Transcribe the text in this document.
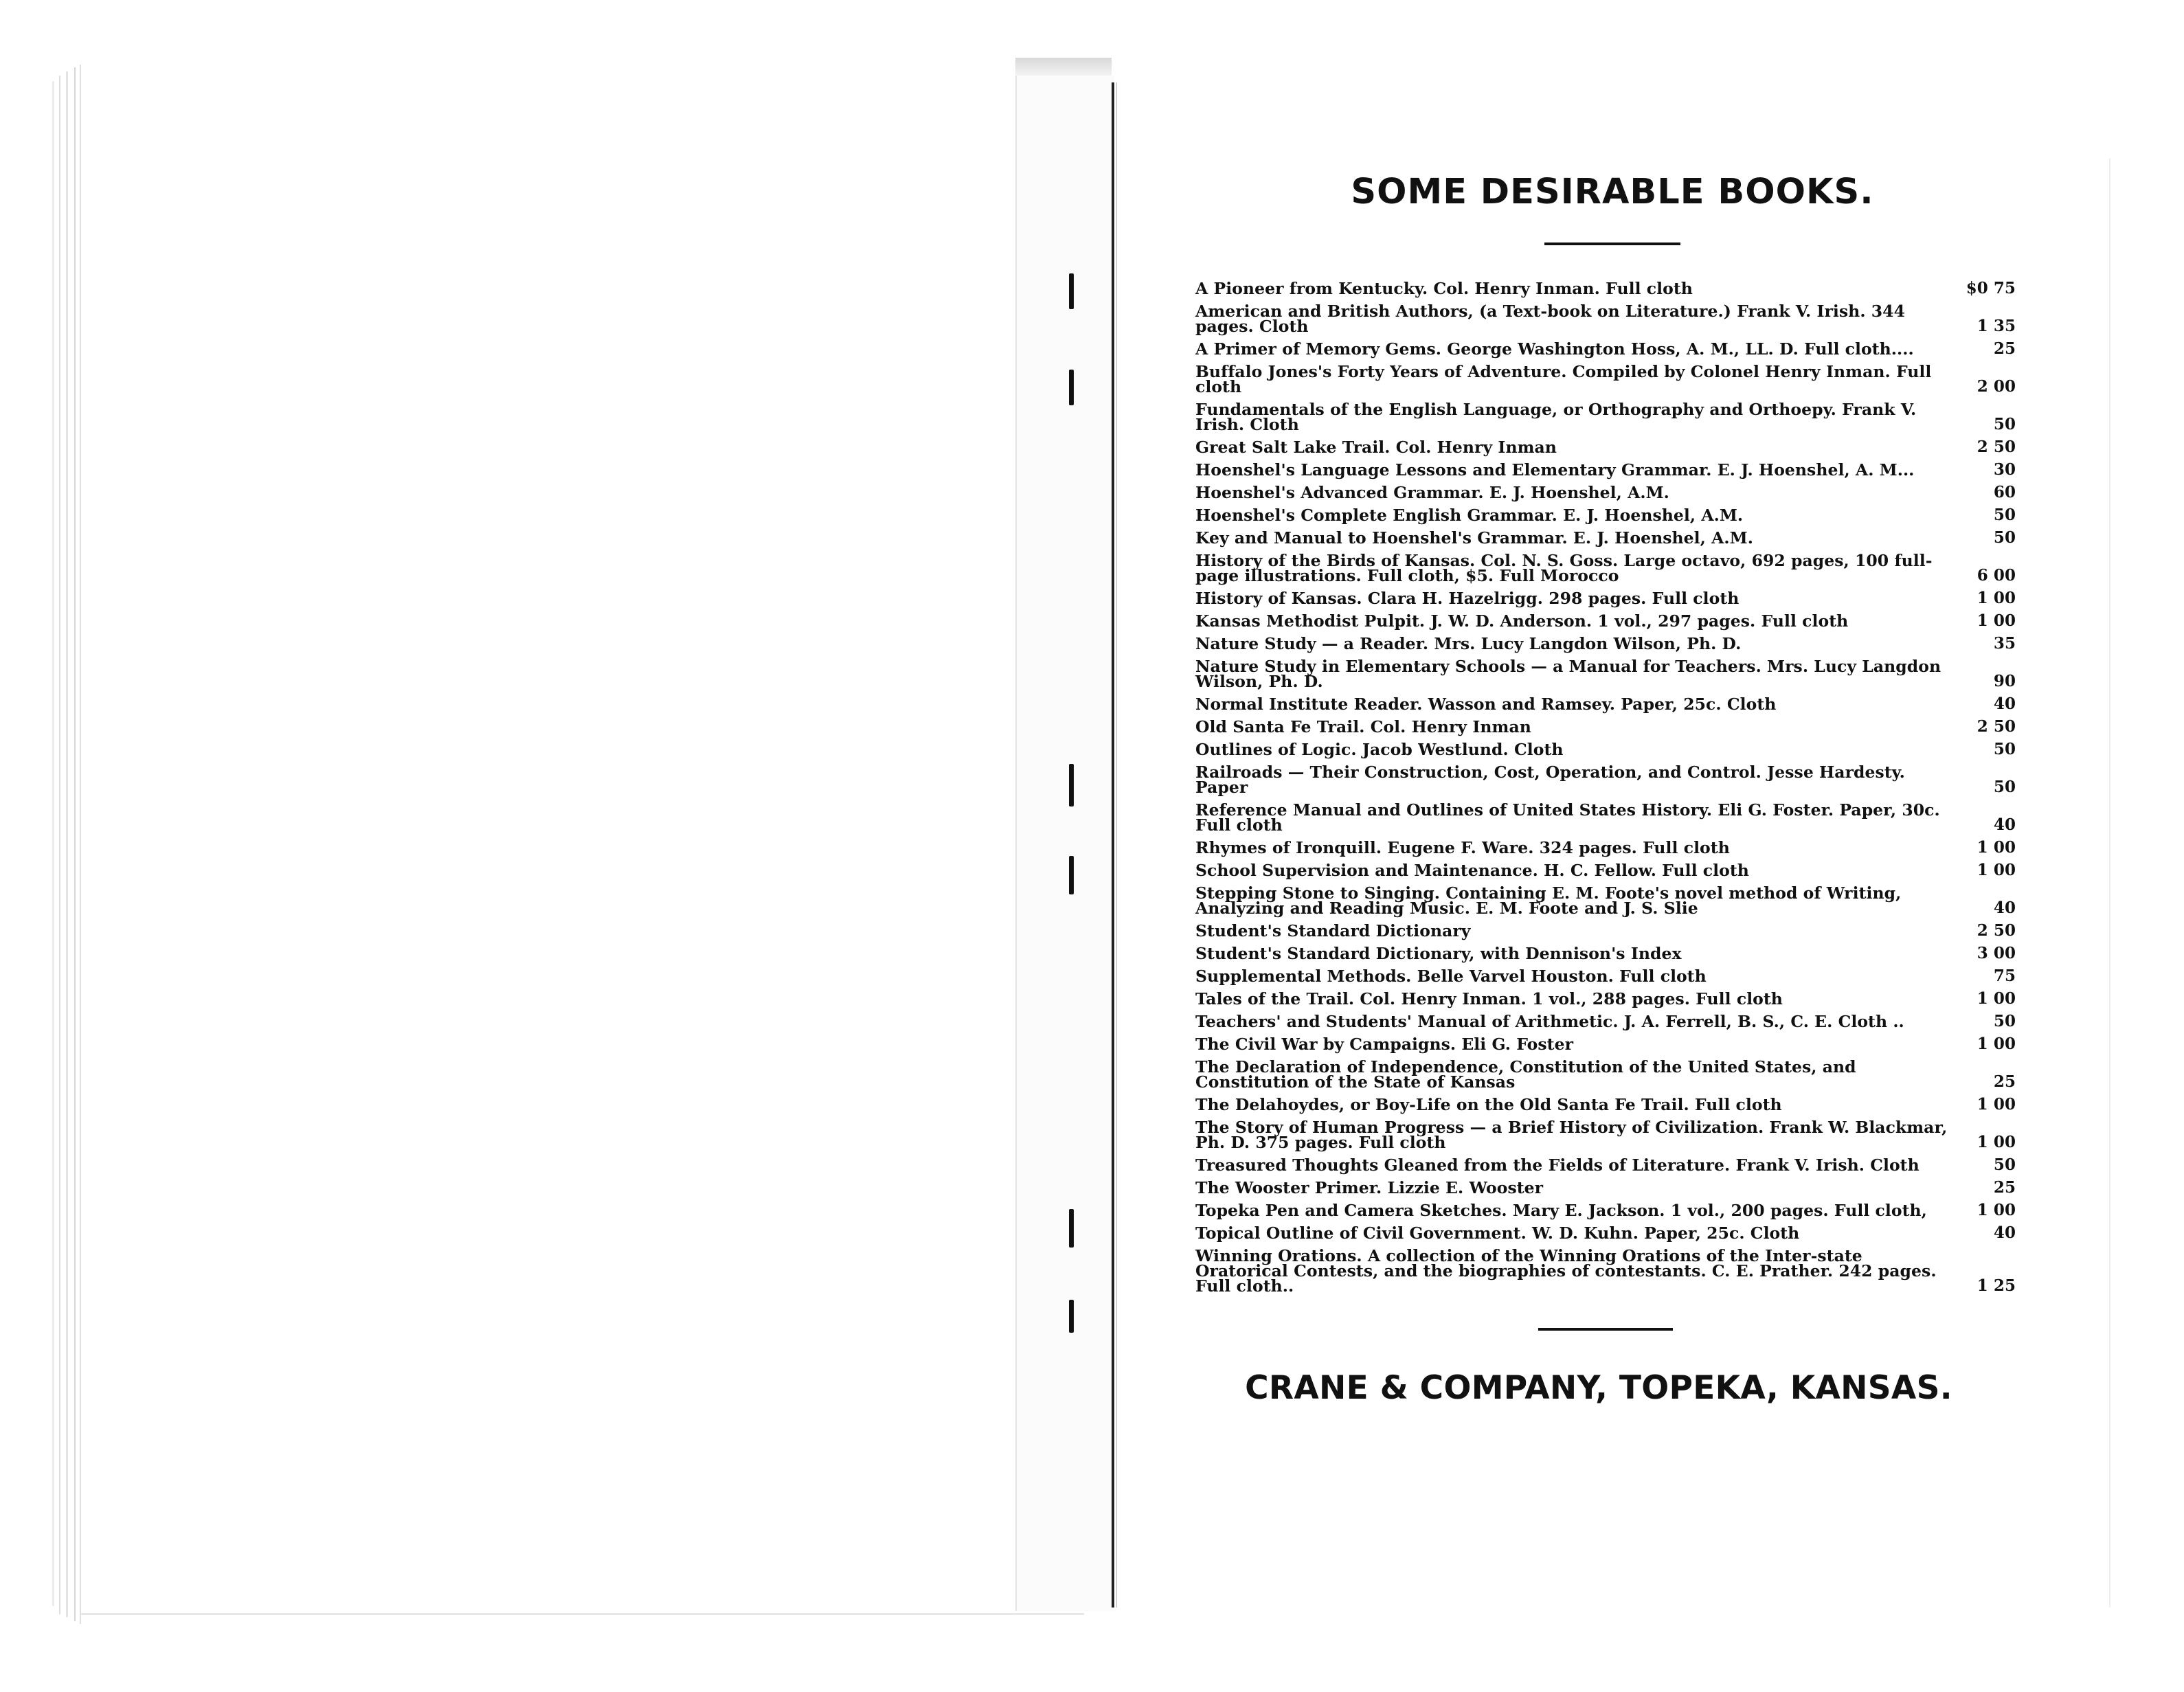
SOME DESIRABLE BOOKS.
A Pioneer from Kentucky. Col. Henry Inman. Full cloth	$0 75
American and British Authors, (a Text-book on Literature.) Frank V. Irish. 344 pages. Cloth	1 35
A Primer of Memory Gems. George Washington Hoss, A. M., LL. D. Full cloth....	25
Buffalo Jones's Forty Years of Adventure. Compiled by Colonel Henry Inman. Full cloth	2 00
Fundamentals of the English Language, or Orthography and Orthoepy. Frank V. Irish. Cloth	50
Great Salt Lake Trail. Col. Henry Inman	2 50
Hoenshel's Language Lessons and Elementary Grammar. E. J. Hoenshel, A. M...	30
Hoenshel's Advanced Grammar. E. J. Hoenshel, A.M.	60
Hoenshel's Complete English Grammar. E. J. Hoenshel, A.M.	50
Key and Manual to Hoenshel's Grammar. E. J. Hoenshel, A.M.	50
History of the Birds of Kansas. Col. N. S. Goss. Large octavo, 692 pages, 100 full-page illustrations. Full cloth, $5. Full Morocco	6 00
History of Kansas. Clara H. Hazelrigg. 298 pages. Full cloth	1 00
Kansas Methodist Pulpit. J. W. D. Anderson. 1 vol., 297 pages. Full cloth	1 00
Nature Study — a Reader. Mrs. Lucy Langdon Wilson, Ph. D.	35
Nature Study in Elementary Schools — a Manual for Teachers. Mrs. Lucy Langdon Wilson, Ph. D.	90
Normal Institute Reader. Wasson and Ramsey. Paper, 25c. Cloth	40
Old Santa Fe Trail. Col. Henry Inman	2 50
Outlines of Logic. Jacob Westlund. Cloth	50
Railroads — Their Construction, Cost, Operation, and Control. Jesse Hardesty. Paper	50
Reference Manual and Outlines of United States History. Eli G. Foster. Paper, 30c. Full cloth	40
Rhymes of Ironquill. Eugene F. Ware. 324 pages. Full cloth	1 00
School Supervision and Maintenance. H. C. Fellow. Full cloth	1 00
Stepping Stone to Singing. Containing E. M. Foote's novel method of Writing, Analyzing and Reading Music. E. M. Foote and J. S. Slie	40
Student's Standard Dictionary	2 50
Student's Standard Dictionary, with Dennison's Index	3 00
Supplemental Methods. Belle Varvel Houston. Full cloth	75
Tales of the Trail. Col. Henry Inman. 1 vol., 288 pages. Full cloth	1 00
Teachers' and Students' Manual of Arithmetic. J. A. Ferrell, B. S., C. E. Cloth ..	50
The Civil War by Campaigns. Eli G. Foster	1 00
The Declaration of Independence, Constitution of the United States, and Constitution of the State of Kansas	25
The Delahoydes, or Boy-Life on the Old Santa Fe Trail. Full cloth	1 00
The Story of Human Progress — a Brief History of Civilization. Frank W. Blackmar, Ph. D. 375 pages. Full cloth	1 00
Treasured Thoughts Gleaned from the Fields of Literature. Frank V. Irish. Cloth	50
The Wooster Primer. Lizzie E. Wooster	25
Topeka Pen and Camera Sketches. Mary E. Jackson. 1 vol., 200 pages. Full cloth,	1 00
Topical Outline of Civil Government. W. D. Kuhn. Paper, 25c. Cloth	40
Winning Orations. A collection of the Winning Orations of the Inter-state Oratorical Contests, and the biographies of contestants. C. E. Prather. 242 pages. Full cloth..	1 25
CRANE & COMPANY, TOPEKA, KANSAS.
